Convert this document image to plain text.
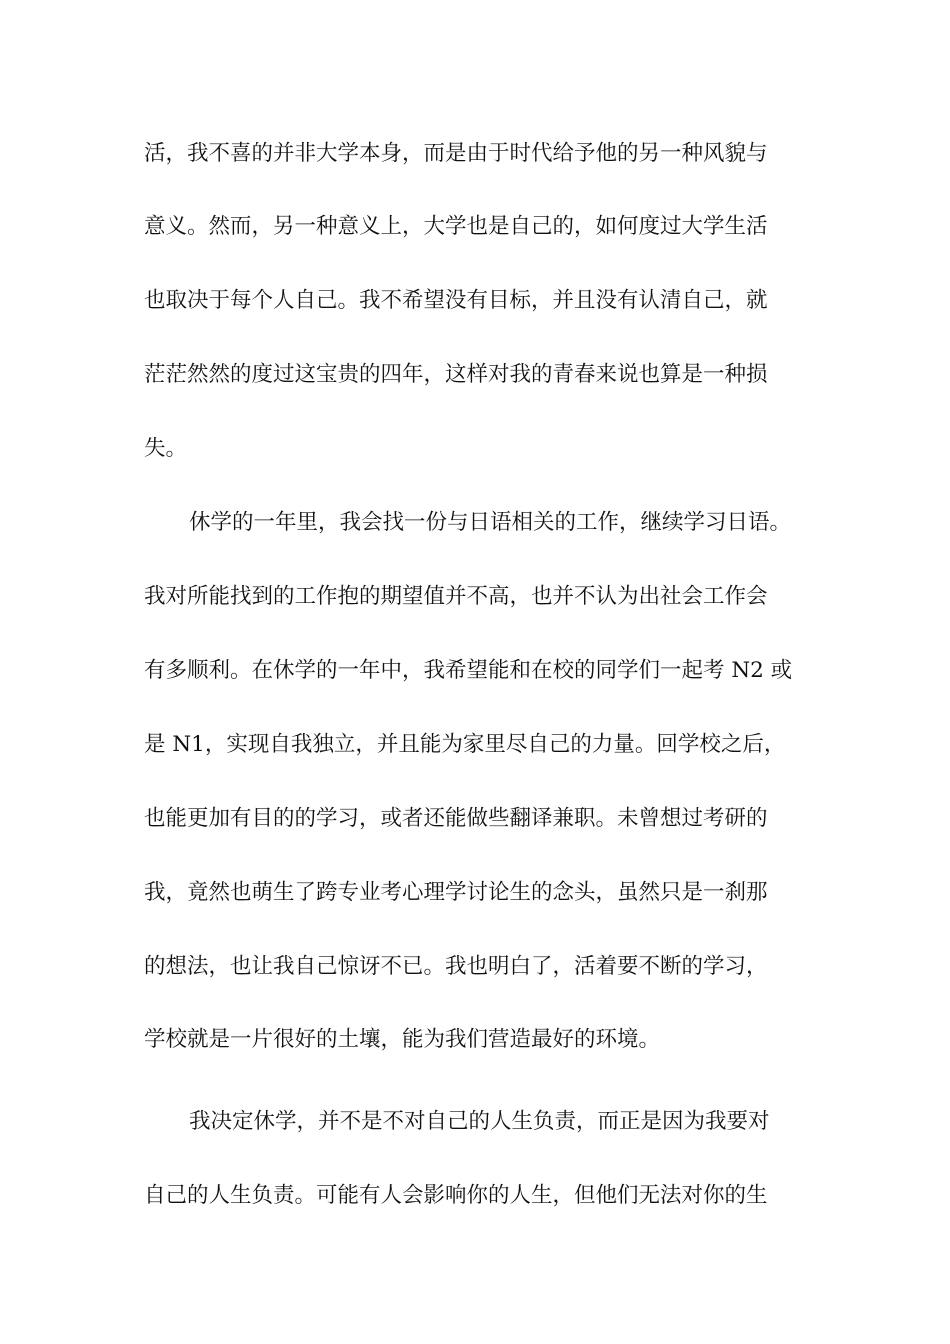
活，我不喜的并非大学本身，而是由于时代给予他的另一种风貌与

意义。然而，另一种意义上，大学也是自己的，如何度过大学生活

也取决于每个人自己。我不希望没有目标，并且没有认清自己，就

茫茫然然的度过这宝贵的四年，这样对我的青春来说也算是一种损

失。

休学的一年里，我会找一份与日语相关的工作，继续学习日语。

我对所能找到的工作抱的期望值并不高，也并不认为出社会工作会

有多顺利。在休学的一年中，我希望能和在校的同学们一起考 N2 或

是 N1，实现自我独立，并且能为家里尽自己的力量。回学校之后，

也能更加有目的的学习，或者还能做些翻译兼职。未曾想过考研的

我，竟然也萌生了跨专业考心理学讨论生的念头，虽然只是一刹那

的想法，也让我自己惊讶不已。我也明白了，活着要不断的学习，

学校就是一片很好的土壤，能为我们营造最好的环境。

我决定休学，并不是不对自己的人生负责，而正是因为我要对

自己的人生负责。可能有人会影响你的人生，但他们无法对你的生
